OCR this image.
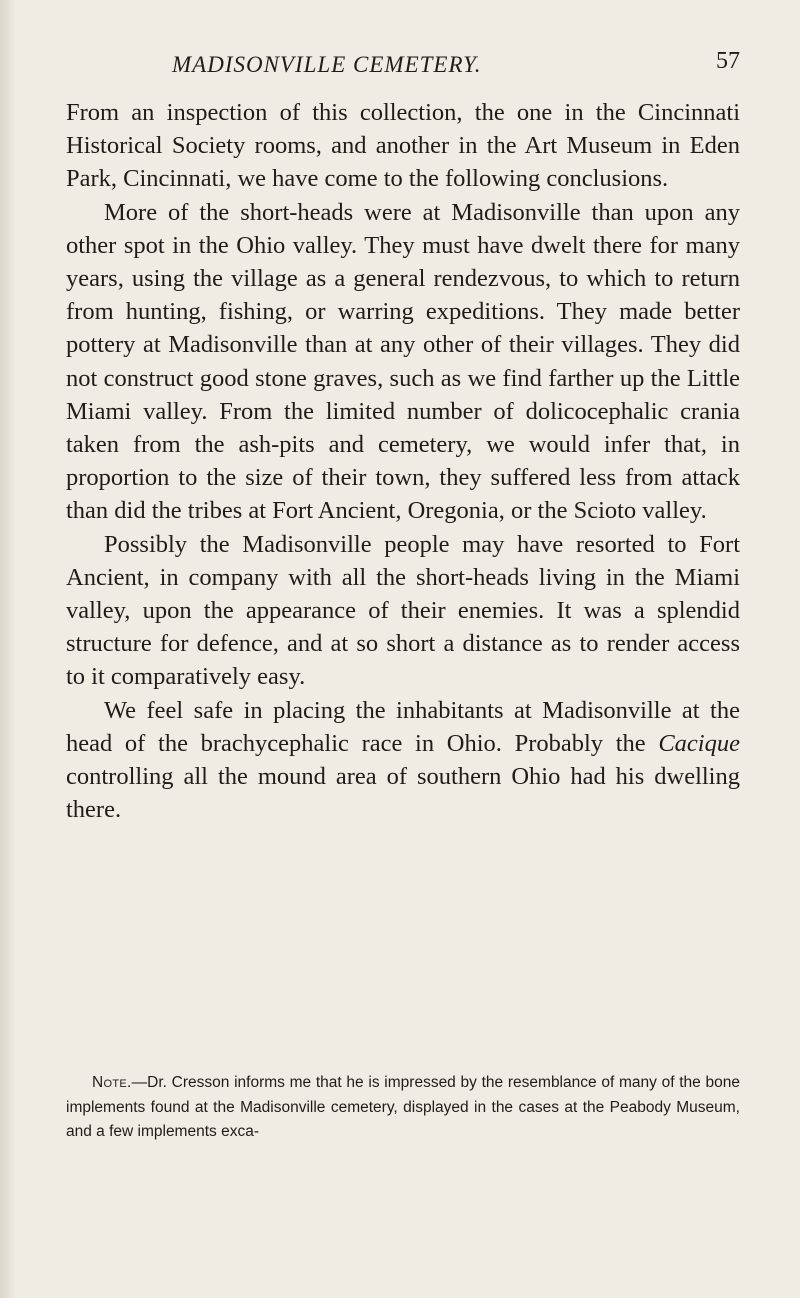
MADISONVILLE CEMETERY.	57

From an inspection of this collection, the one in the Cincinnati Historical Society rooms, and another in the Art Museum in Eden Park, Cincinnati, we have come to the following conclusions.

More of the short-heads were at Madisonville than upon any other spot in the Ohio valley. They must have dwelt there for many years, using the village as a general rendezvous, to which to return from hunting, fishing, or warring expeditions. They made better pottery at Madisonville than at any other of their villages. They did not construct good stone graves, such as we find farther up the Little Miami valley. From the limited number of dolicocephalic crania taken from the ash-pits and cemetery, we would infer that, in proportion to the size of their town, they suffered less from attack than did the tribes at Fort Ancient, Oregonia, or the Scioto valley.

Possibly the Madisonville people may have resorted to Fort Ancient, in company with all the short-heads living in the Miami valley, upon the appearance of their enemies. It was a splendid structure for defence, and at so short a distance as to render access to it comparatively easy.

We feel safe in placing the inhabitants at Madisonville at the head of the brachycephalic race in Ohio. Probably the Cacique controlling all the mound area of southern Ohio had his dwelling there.

Note.—Dr. Cresson informs me that he is impressed by the resemblance of many of the bone implements found at the Madisonville cemetery, displayed in the cases at the Peabody Museum, and a few implements exca-
